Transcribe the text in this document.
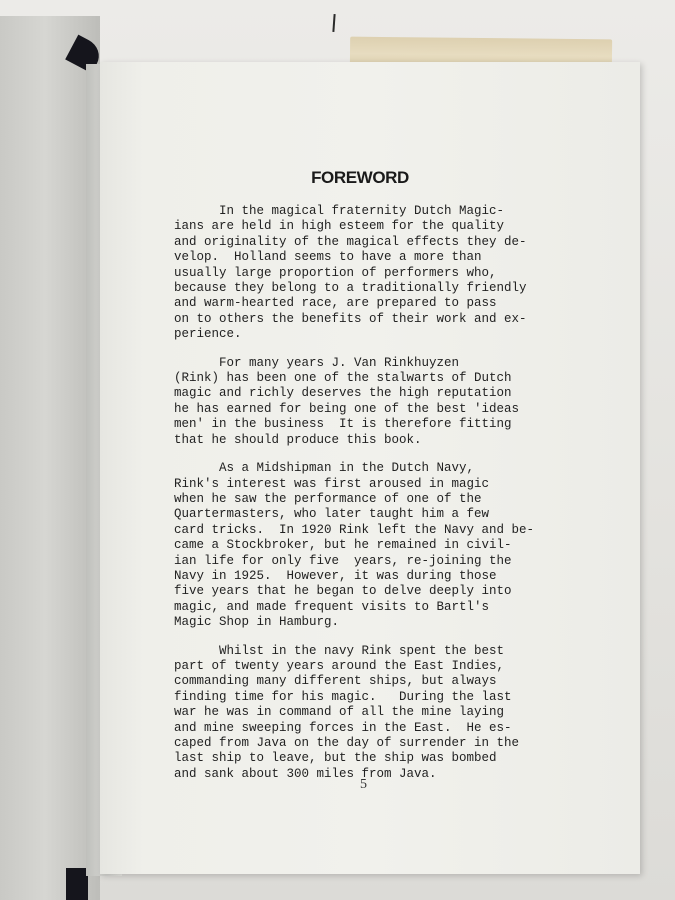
FOREWORD

In the magical fraternity Dutch Magic-
ians are held in high esteem for the quality
and originality of the magical effects they de-
velop.  Holland seems to have a more than
usually large proportion of performers who,
because they belong to a traditionally friendly
and warm-hearted race, are prepared to pass
on to others the benefits of their work and ex-
perience.

For many years J. Van Rinkhuyzen
(Rink) has been one of the stalwarts of Dutch
magic and richly deserves the high reputation
he has earned for being one of the best 'ideas
men' in the business  It is therefore fitting
that he should produce this book.

As a Midshipman in the Dutch Navy,
Rink's interest was first aroused in magic
when he saw the performance of one of the
Quartermasters, who later taught him a few
card tricks.  In 1920 Rink left the Navy and be-
came a Stockbroker, but he remained in civil-
ian life for only five  years, re-joining the
Navy in 1925.  However, it was during those
five years that he began to delve deeply into
magic, and made frequent visits to Bartl's
Magic Shop in Hamburg.

Whilst in the navy Rink spent the best
part of twenty years around the East Indies,
commanding many different ships, but always
finding time for his magic.   During the last
war he was in command of all the mine laying
and mine sweeping forces in the East.  He es-
caped from Java on the day of surrender in the
last ship to leave, but the ship was bombed
and sank about 300 miles from Java.

5
